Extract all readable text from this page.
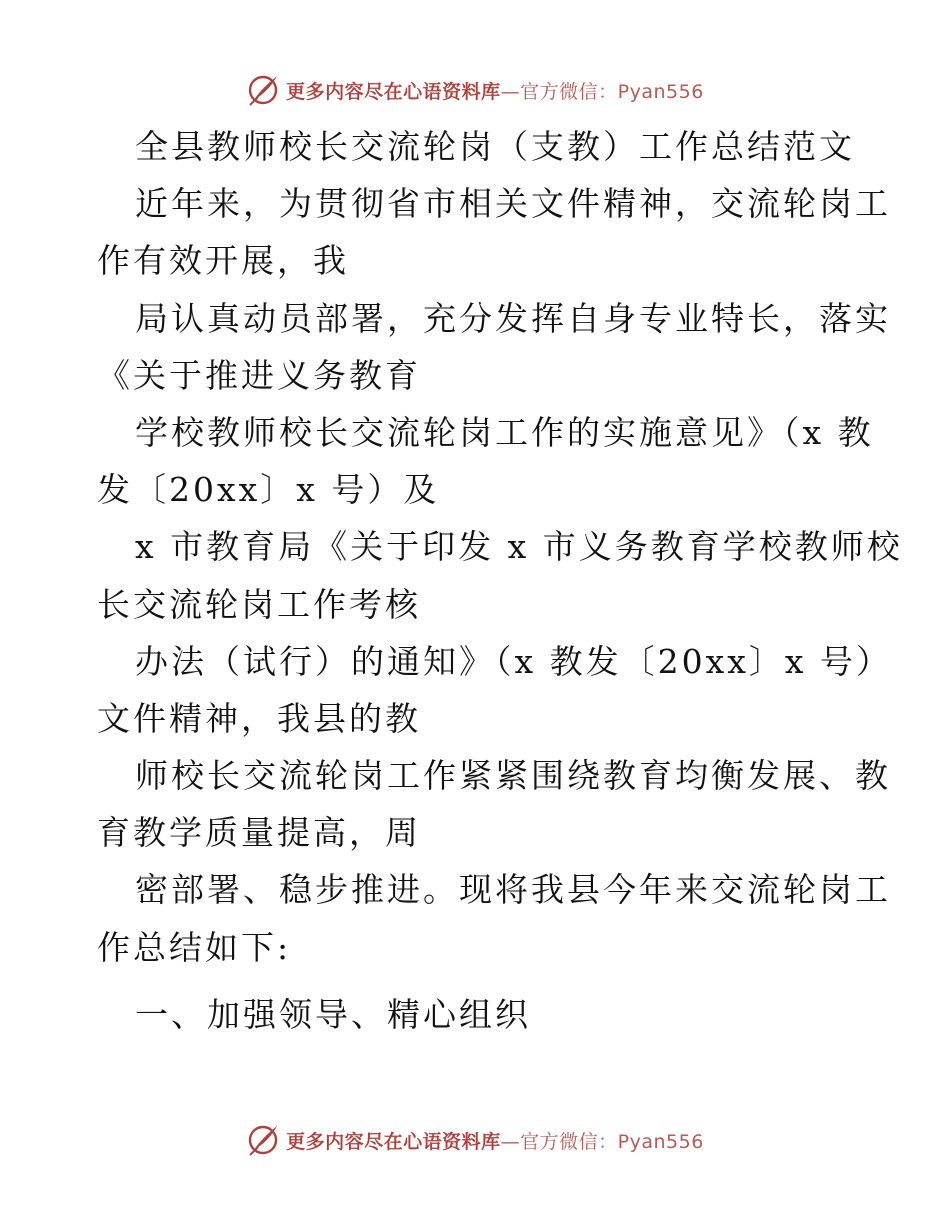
更多内容尽在心语资料库—官方微信：Pyan556
全县教师校长交流轮岗（支教）工作总结范文
近年来，为贯彻省市相关文件精神，交流轮岗工
作有效开展，我
局认真动员部署，充分发挥自身专业特长，落实
《关于推进义务教育
学校教师校长交流轮岗工作的实施意见》（x 教
发〔20xx〕x 号）及
x 市教育局《关于印发 x 市义务教育学校教师校
长交流轮岗工作考核
办法（试行）的通知》（x 教发〔20xx〕x 号）
文件精神，我县的教
师校长交流轮岗工作紧紧围绕教育均衡发展、教
育教学质量提高，周
密部署、稳步推进。现将我县今年来交流轮岗工
作总结如下:
一、加强领导、精心组织
更多内容尽在心语资料库—官方微信：Pyan556
